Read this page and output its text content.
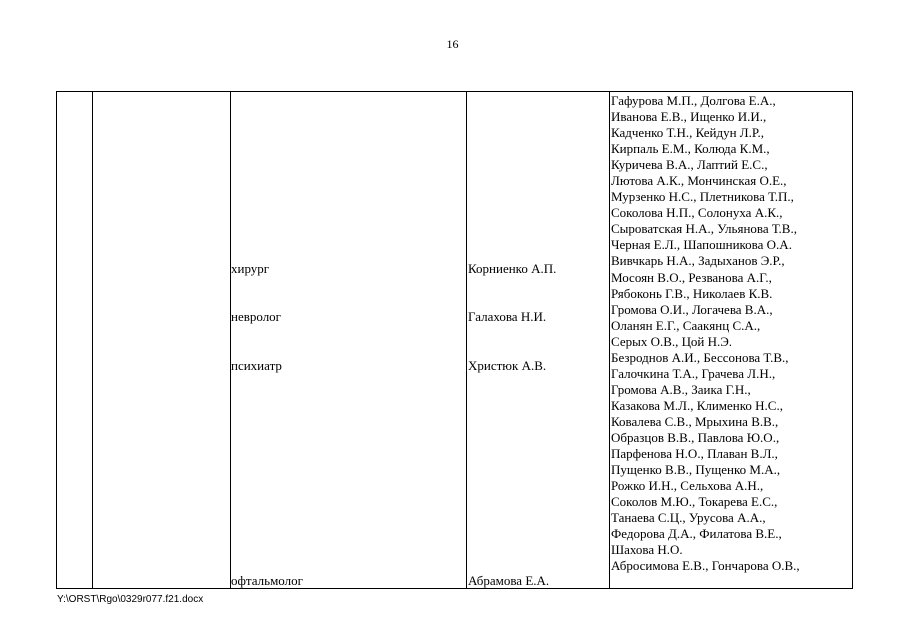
16
хирург	Корниенко А.П.
невролог	Галахова Н.И.
психиатр	Христюк А.В.
офтальмолог	Абрамова Е.А.
Гафурова М.П., Долгова Е.А.,
Иванова Е.В., Ищенко И.И.,
Кадченко Т.Н., Кейдун Л.Р.,
Кирпаль Е.М., Колюда К.М.,
Куричева В.А., Лаптий Е.С.,
Лютова А.К., Мончинская О.Е.,
Мурзенко Н.С., Плетникова Т.П.,
Соколова Н.П., Солонуха А.К.,
Сыроватская Н.А., Ульянова Т.В.,
Черная Е.Л., Шапошникова О.А.
Вивчкарь Н.А., Задыханов Э.Р.,
Мосоян В.О., Резванова А.Г.,
Рябоконь Г.В., Николаев К.В.
Громова О.И., Логачева В.А.,
Оланян Е.Г., Саакянц С.А.,
Серых О.В., Цой Н.Э.
Безроднов А.И., Бессонова Т.В.,
Галочкина Т.А., Грачева Л.Н.,
Громова А.В., Заика Г.Н.,
Казакова М.Л., Клименко Н.С.,
Ковалева С.В., Мрыхина В.В.,
Образцов В.В., Павлова Ю.О.,
Парфенова Н.О., Плаван В.Л.,
Пущенко В.В., Пущенко М.А.,
Рожко И.Н., Сельхова А.Н.,
Соколов М.Ю., Токарева Е.С.,
Танаева С.Ц., Урусова А.А.,
Федорова Д.А., Филатова В.Е.,
Шахова Н.О.
Абросимова Е.В., Гончарова О.В.,
Y:\ORST\Rgo\0329r077.f21.docx
